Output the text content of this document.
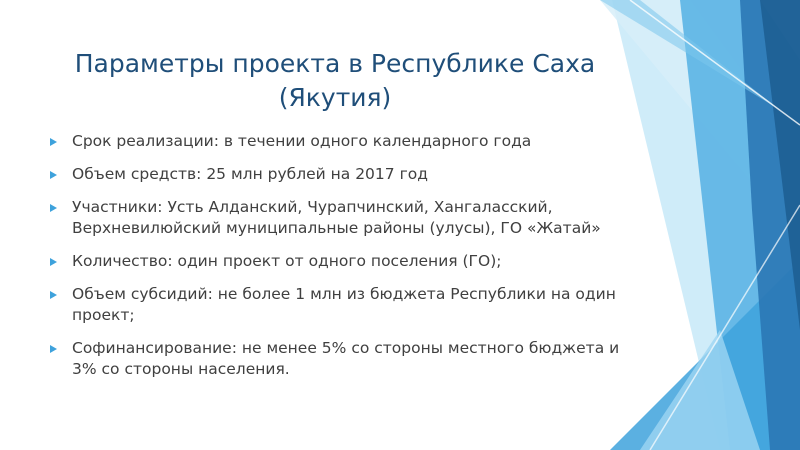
Параметры проекта в Республике Саха
(Якутия)
Срок реализации: в течении одного календарного года
Объем средств: 25 млн рублей на 2017 год
Участники: Усть Алданский, Чурапчинский, Хангаласский, Верхневилюйский муниципальные районы (улусы), ГО «Жатай»
Количество: один проект от одного поселения (ГО);
Объем субсидий: не более 1 млн из бюджета Республики на один проект;
Софинансирование: не менее 5% со стороны местного бюджета и 3% со стороны населения.
